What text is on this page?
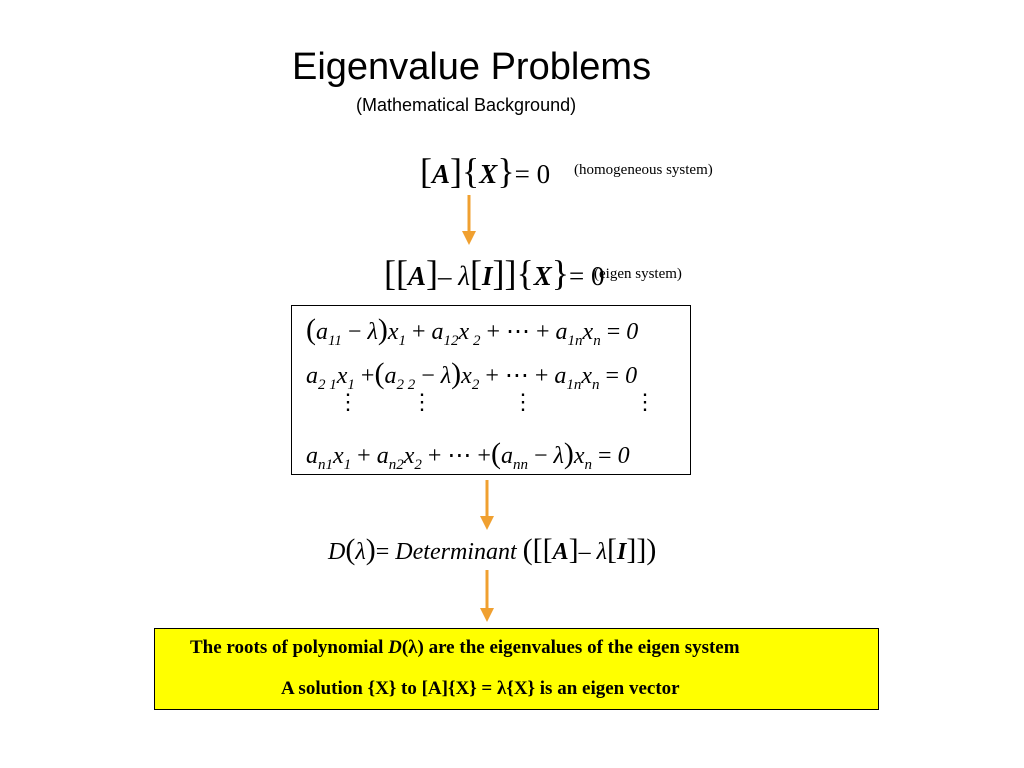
Eigenvalue Problems
(Mathematical Background)
[A]{X}= 0 (homogeneous system)
[[A]– λ[I]]{X}= 0
(eigen system)
$(a_{11} - \lambda)x_1 + a_{12}x$ $_2$ + ⋯ + $a_{1n}x_n = 0$
$a_{2 1}x_1 +(a_{2 2} - \lambda)x_2$ + ⋯ + $a_{1n}x_n = 0$
⋮ ⋮	⋮	⋮
$a_{n1}x_1 + a_{n2}x_2$ + ⋯ $+(a_{nn} - \lambda)x_n = 0$
D(λ)= Determinant ([[A]– λ[I]])
The roots of polynomial D(λ) are the eigenvalues of the eigen system
A solution {X} to [A]{X} = λ{X} is an eigen vector
